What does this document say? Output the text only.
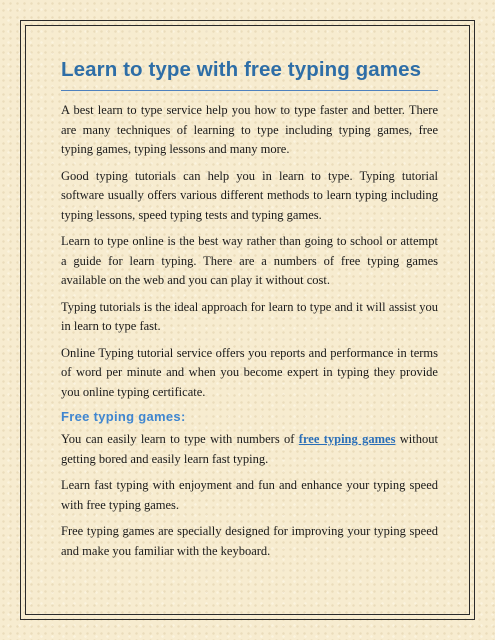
Learn to type with free typing games

A best learn to type service help you how to type faster and better. There are many techniques of learning to type including typing games, free typing games, typing lessons and many more.

Good typing tutorials can help you in learn to type. Typing tutorial software usually offers various different methods to learn typing including typing lessons, speed typing tests and typing games.

Learn to type online is the best way rather than going to school or attempt a guide for learn typing. There are a numbers of free typing games available on the web and you can play it without cost.

Typing tutorials is the ideal approach for learn to type and it will assist you in learn to type fast.

Online Typing tutorial service offers you reports and performance in terms of word per minute and when you become expert in typing they provide you online typing certificate.

Free typing games:

You can easily learn to type with numbers of free typing games without getting bored and easily learn fast typing.

Learn fast typing with enjoyment and fun and enhance your typing speed with free typing games.

Free typing games are specially designed for improving your typing speed and make you familiar with the keyboard.
